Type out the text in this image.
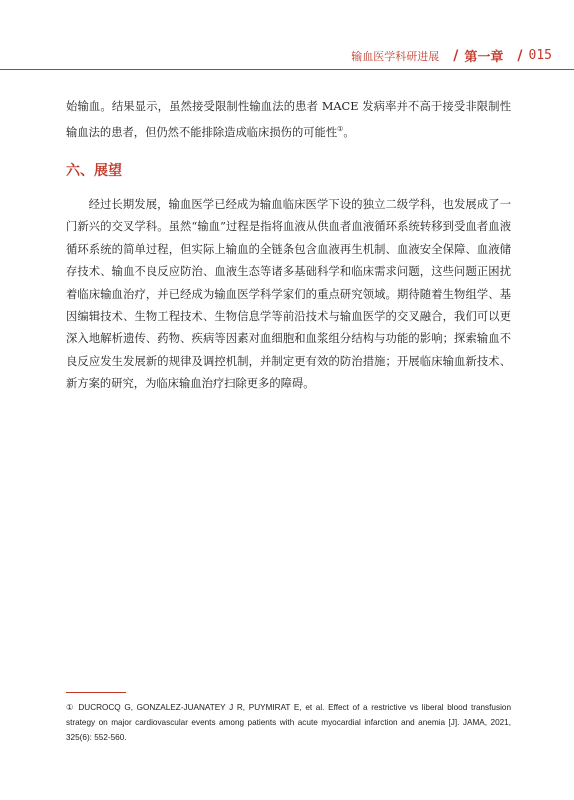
输血医学科研进展 / 第一章 / 015

始输血。结果显示，虽然接受限制性输血法的患者 MACE 发病率并不高于接受非限制性输血法的患者，但仍然不能排除造成临床损伤的可能性①。

六、展望

经过长期发展，输血医学已经成为输血临床医学下设的独立二级学科，也发展成了一门新兴的交叉学科。虽然“输血”过程是指将血液从供血者血液循环系统转移到受血者血液循环系统的简单过程，但实际上输血的全链条包含血液再生机制、血液安全保障、血液储存技术、输血不良反应防治、血液生态等诸多基础科学和临床需求问题，这些问题正困扰着临床输血治疗，并已经成为输血医学科学家们的重点研究领域。期待随着生物组学、基因编辑技术、生物工程技术、生物信息学等前沿技术与输血医学的交叉融合，我们可以更深入地解析遗传、药物、疾病等因素对血细胞和血浆组分结构与功能的影响；探索输血不良反应发生发展新的规律及调控机制，并制定更有效的防治措施；开展临床输血新技术、新方案的研究，为临床输血治疗扫除更多的障碍。

① DUCROCQ G, GONZALEZ-JUANATEY J R, PUYMIRAT E, et al. Effect of a restrictive vs liberal blood transfusion strategy on major cardiovascular events among patients with acute myocardial infarction and anemia [J]. JAMA, 2021, 325(6): 552-560.
